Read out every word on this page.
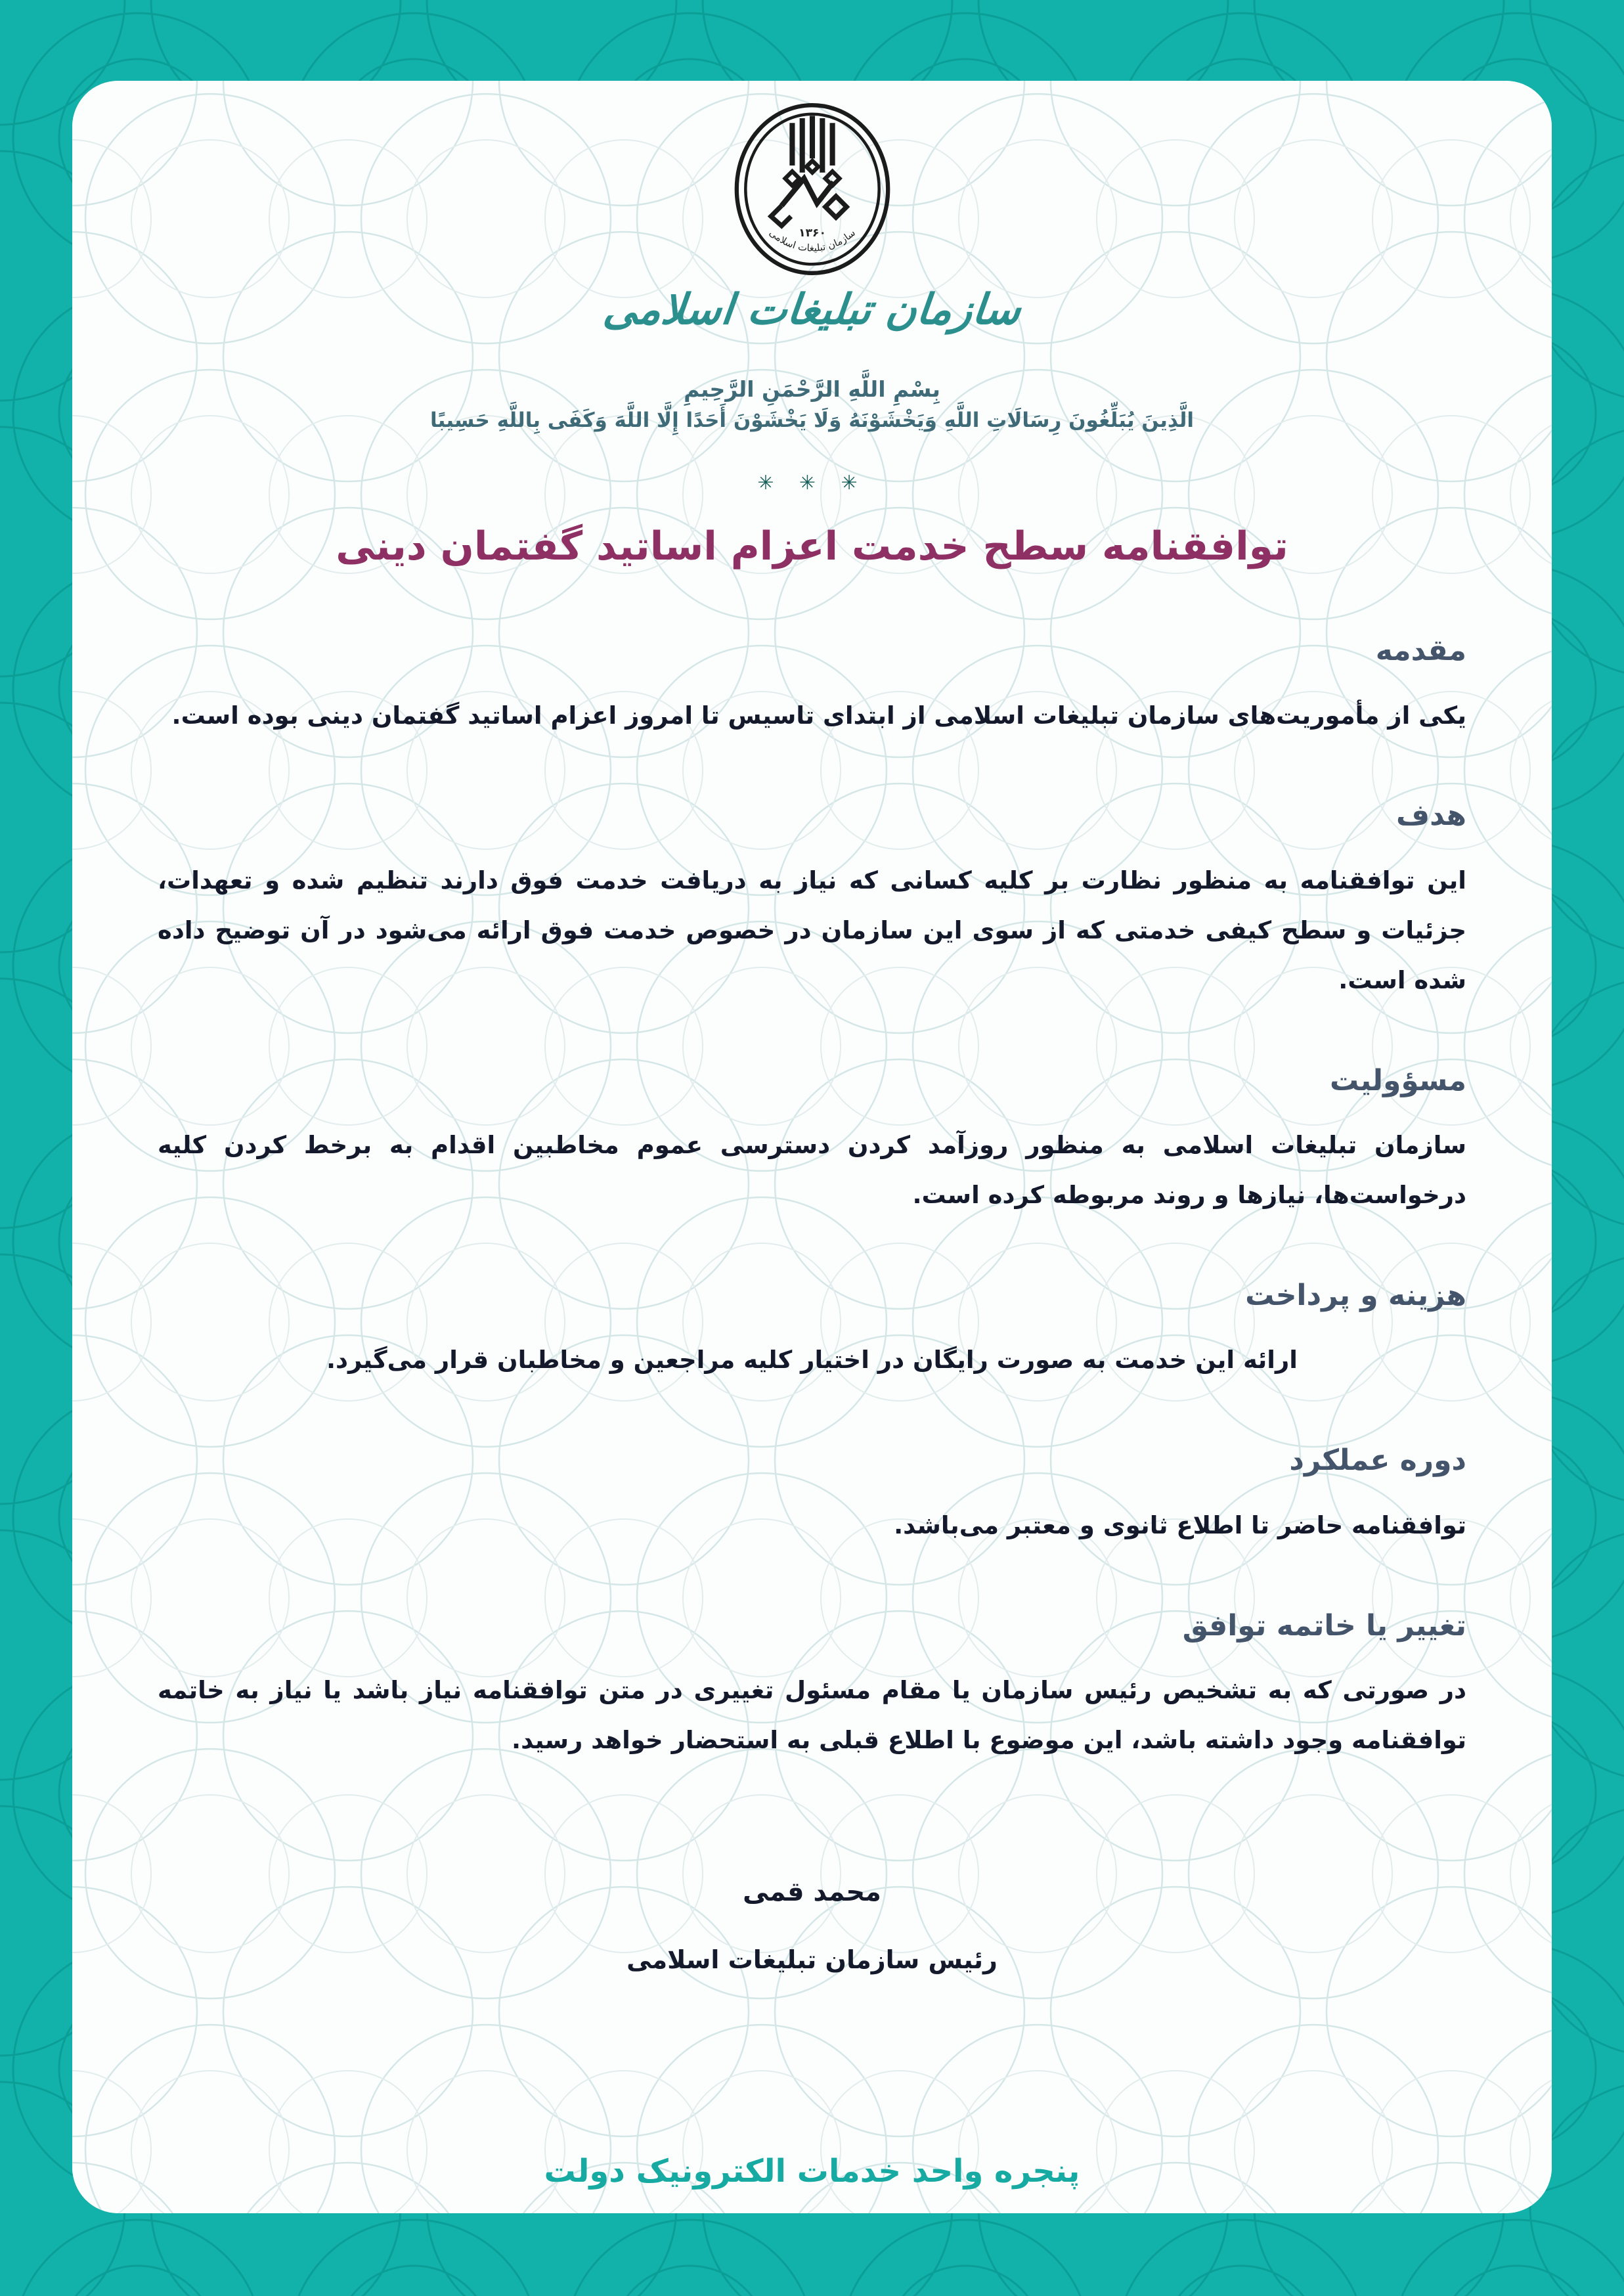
۱۳۶۰
سازمان تبلیغات اسلامی
سازمان تبلیغات اسلامی
بِسْمِ اللَّهِ الرَّحْمَنِ الرَّحِيمِ
الَّذِينَ يُبَلِّغُونَ رِسَالَاتِ اللَّهِ وَيَخْشَوْنَهُ وَلَا يَخْشَوْنَ أَحَدًا إِلَّا اللَّهَ وَكَفَى بِاللَّهِ حَسِيبًا
✳ ✳ ✳
توافقنامه سطح خدمت اعزام اساتید گفتمان دینی
مقدمه

یکی از مأموریت‌های سازمان تبلیغات اسلامی از ابتدای تاسیس تا امروز اعزام اساتید گفتمان دینی بوده است.

هدف

این توافقنامه به منظور نظارت بر کلیه کسانی که نیاز به دریافت خدمت فوق دارند تنظیم شده و تعهدات، جزئیات و سطح کیفی خدمتی که از سوی این سازمان در خصوص خدمت فوق ارائه می‌شود در آن توضیح داده شده است.

مسؤولیت

سازمان تبلیغات اسلامی به منظور روزآمد کردن دسترسی عموم مخاطبین اقدام به برخط کردن کلیه درخواست‌ها، نیازها و روند مربوطه کرده است.

هزینه و پرداخت

ارائه این خدمت به صورت رایگان در اختیار کلیه مراجعین و مخاطبان قرار می‌گیرد.

دوره عملکرد

توافقنامه حاضر تا اطلاع ثانوی و معتبر می‌باشد.

تغییر یا خاتمه توافق

در صورتی که به تشخیص رئیس سازمان یا مقام مسئول تغییری در متن توافقنامه نیاز باشد یا نیاز به خاتمه توافقنامه وجود داشته باشد، این موضوع با اطلاع قبلی به استحضار خواهد رسید.

محمد قمی
رئیس سازمان تبلیغات اسلامی
پنجره واحد خدمات الکترونیک دولت
